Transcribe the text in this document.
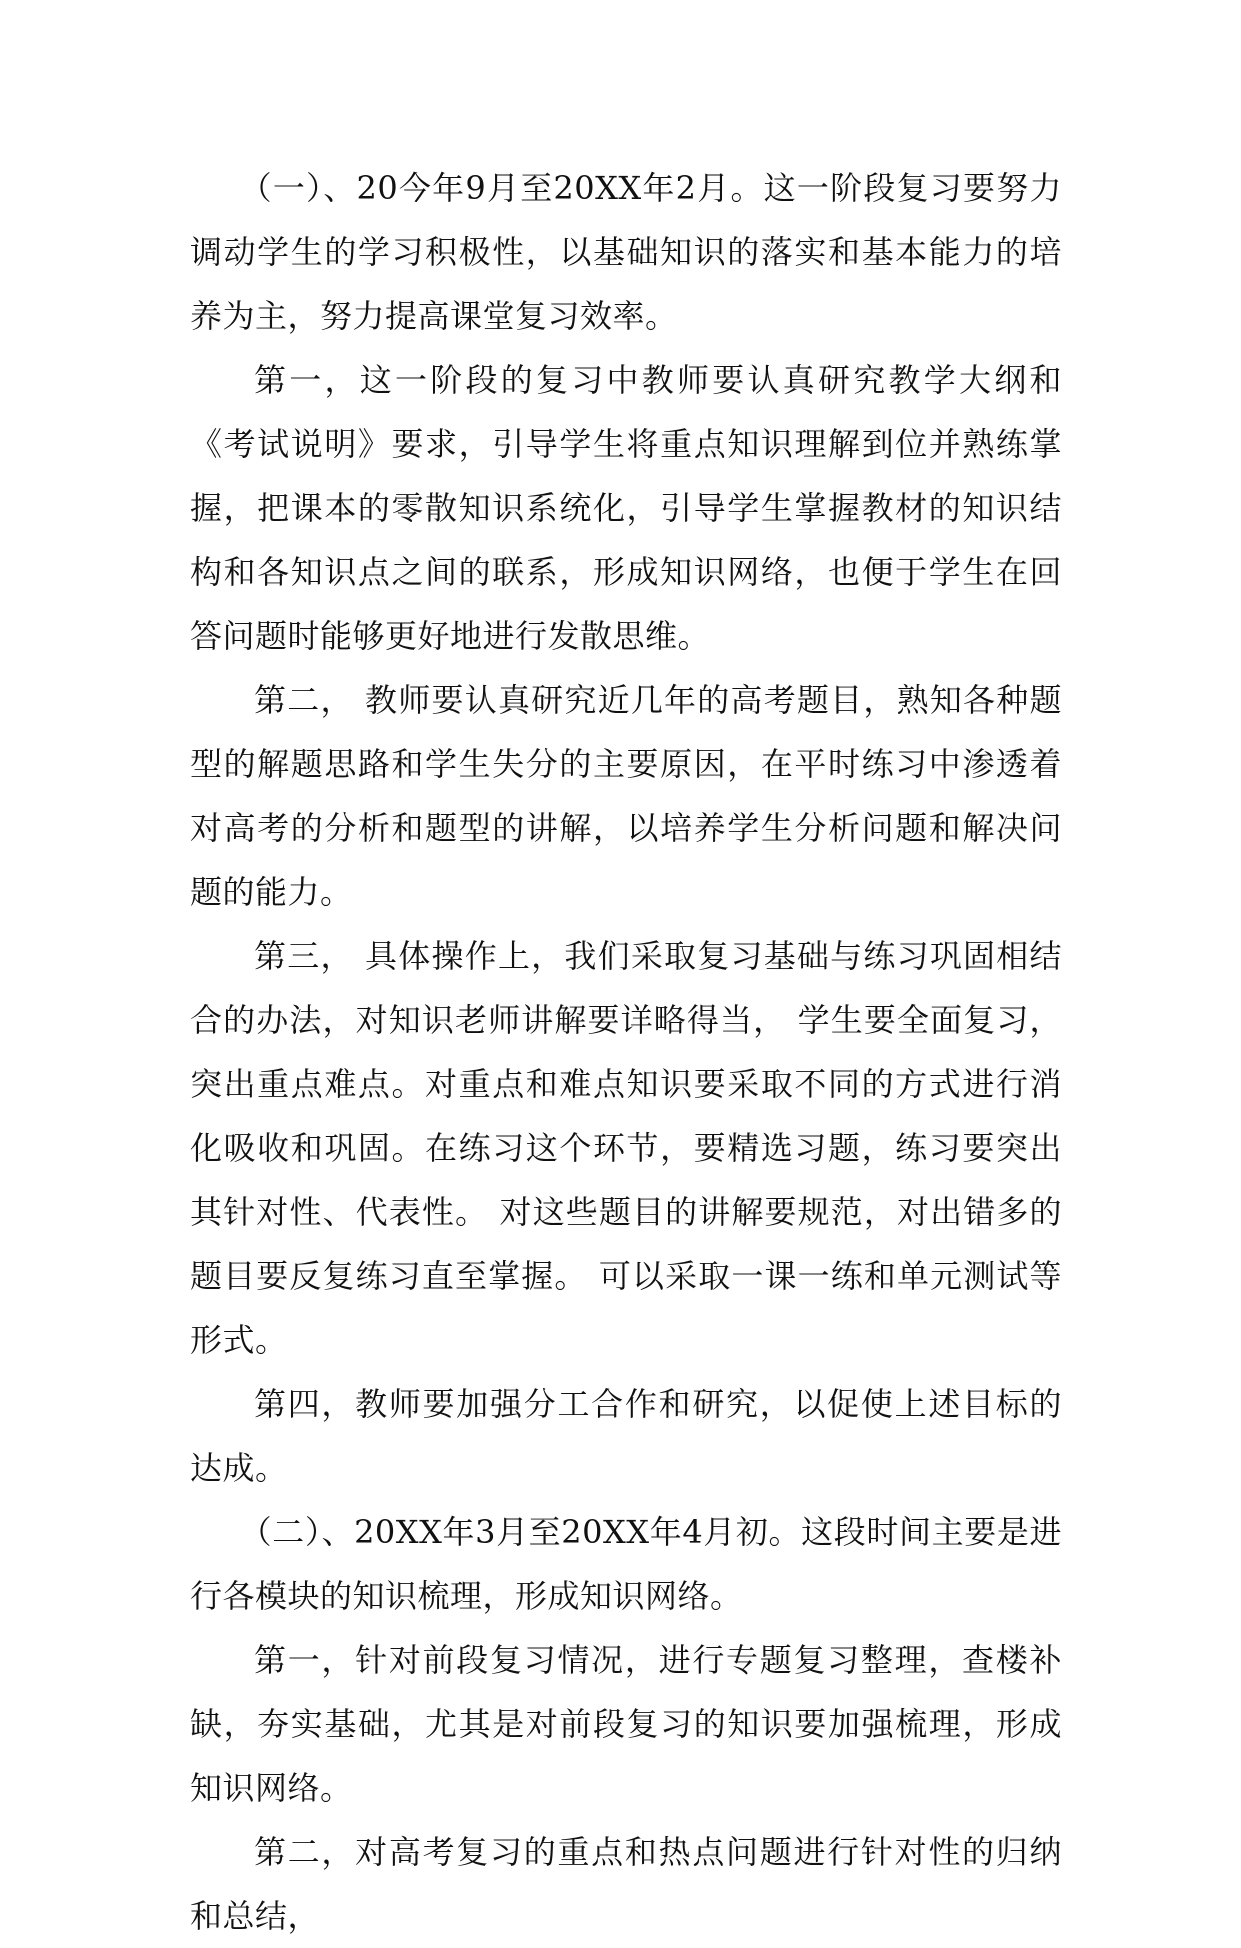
（一）、20今年9月至20XX年2月。这一阶段复习要努力调动学生的学习积极性，以基础知识的落实和基本能力的培养为主，努力提高课堂复习效率。

第一，这一阶段的复习中教师要认真研究教学大纲和《考试说明》要求，引导学生将重点知识理解到位并熟练掌握，把课本的零散知识系统化，引导学生掌握教材的知识结构和各知识点之间的联系，形成知识网络，也便于学生在回答问题时能够更好地进行发散思维。

第二， 教师要认真研究近几年的高考题目，熟知各种题型的解题思路和学生失分的主要原因，在平时练习中渗透着对高考的分析和题型的讲解，以培养学生分析问题和解决问题的能力。

第三， 具体操作上，我们采取复习基础与练习巩固相结合的办法，对知识老师讲解要详略得当， 学生要全面复习，突出重点难点。对重点和难点知识要采取不同的方式进行消化吸收和巩固。在练习这个环节，要精选习题，练习要突出其针对性、代表性。 对这些题目的讲解要规范，对出错多的题目要反复练习直至掌握。 可以采取一课一练和单元测试等形式。

第四，教师要加强分工合作和研究，以促使上述目标的达成。

（二）、20XX年3月至20XX年4月初。这段时间主要是进行各模块的知识梳理，形成知识网络。

第一，针对前段复习情况，进行专题复习整理，查楼补缺，夯实基础，尤其是对前段复习的知识要加强梳理，形成知识网络。

第二，对高考复习的重点和热点问题进行针对性的归纳和总结，
